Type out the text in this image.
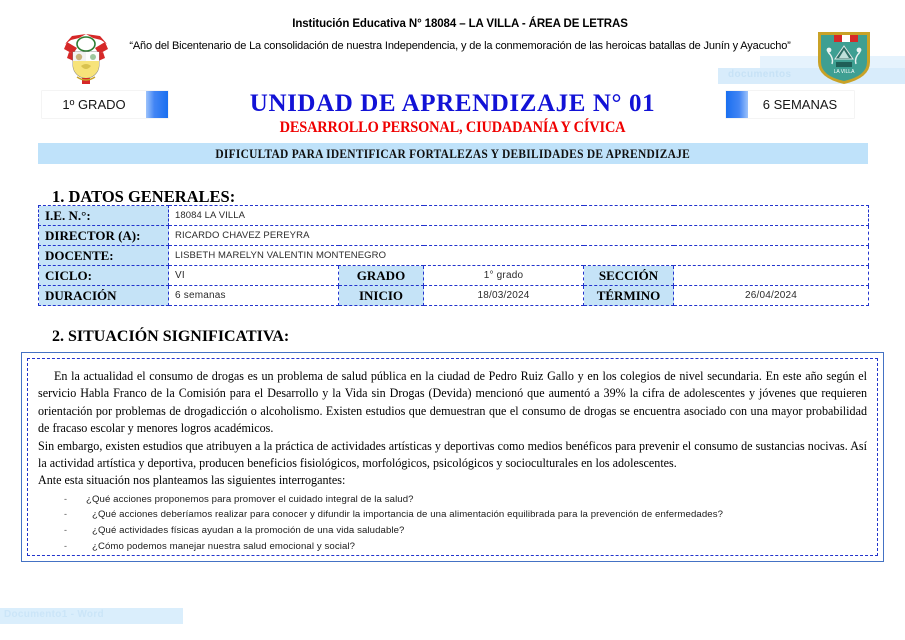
documentos
Institución Educativa N° 18084 – LA VILLA - ÁREA DE LETRAS
“Año del Bicentenario de La consolidación de nuestra Independencia, y de la conmemoración de las heroicas batallas de Junín y Ayacucho”
LA VILLA
1º GRADO	6 SEMANAS
UNIDAD DE APRENDIZAJE N° 01
DESARROLLO PERSONAL, CIUDADANÍA Y CÍVICA
DIFICULTAD PARA IDENTIFICAR FORTALEZAS Y DEBILIDADES DE APRENDIZAJE
1. DATOS GENERALES:
I.E. N.°:	18084 LA VILLA				
DIRECTOR (A):	RICARDO CHAVEZ PEREYRA				
DOCENTE:	LISBETH MARELYN VALENTIN MONTENEGRO				
CICLO:	VI	GRADO	1° grado	SECCIÓN	
DURACIÓN	6 semanas	INICIO	18/03/2024	TÉRMINO	26/04/2024
2. SITUACIÓN SIGNIFICATIVA:

En la actualidad el consumo de drogas es un problema de salud pública en la ciudad de Pedro Ruiz Gallo y en los colegios de nivel secundaria. En este año según el servicio Habla Franco de la Comisión para el Desarrollo y la Vida sin Drogas (Devida) mencionó que aumentó a 39% la cifra de adolescentes y jóvenes que requieren orientación por problemas de drogadicción o alcoholismo. Existen estudios que demuestran que el consumo de drogas se encuentra asociado con una mayor probabilidad de fracaso escolar y menores logros académicos.

Sin embargo, existen estudios que atribuyen a la práctica de actividades artísticas y deportivas como medios benéficos para prevenir el consumo de sustancias nocivas. Así la actividad artística y deportiva, producen beneficios fisiológicos, morfológicos, psicológicos y socioculturales en los adolescentes.

Ante esta situación nos planteamos las siguientes interrogantes:

- ¿Qué acciones proponemos para promover el cuidado integral de la salud?
- ¿Qué acciones deberíamos realizar para conocer y difundir la importancia de una alimentación equilibrada para la prevención de enfermedades?
- ¿Qué actividades físicas ayudan a la promoción de una vida saludable?
- ¿Cómo podemos manejar nuestra salud emocional y social?
Documento1 - Word
